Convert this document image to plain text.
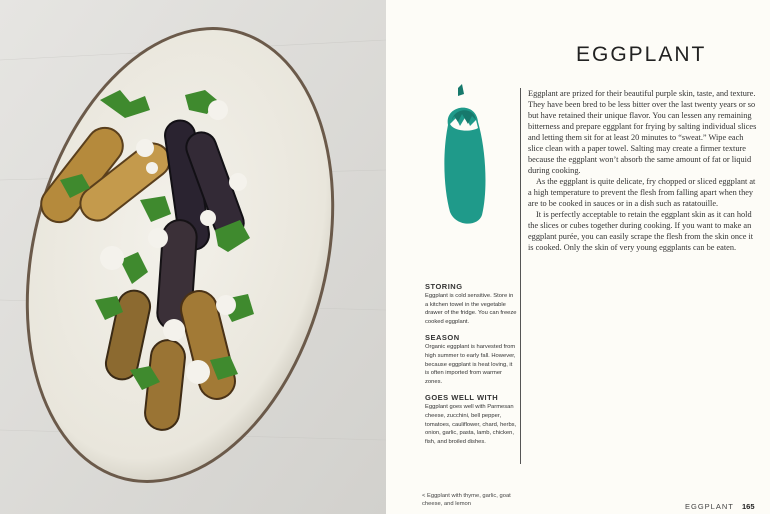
EGGPLANT

Eggplant are prized for their beautiful purple skin, taste, and texture. They have been bred to be less bitter over the last twenty years or so but have retained their unique flavor. You can lessen any remaining bitterness and prepare eggplant for frying by salting individual slices and letting them sit for at least 20 minutes to “sweat.” Wipe each slice clean with a paper towel. Salting may create a firmer texture because the eggplant won’t absorb the same amount of fat or liquid during cooking.

As the eggplant is quite delicate, fry chopped or sliced eggplant at a high temperature to prevent the flesh from falling apart when they are to be cooked in sauces or in a dish such as ratatouille.

It is perfectly acceptable to retain the eggplant skin as it can hold the slices or cubes together during cooking. If you want to make an eggplant purée, you can easily scrape the flesh from the skin once it is cooked. Only the skin of very young eggplants can be eaten.

STORING
Eggplant is cold sensitive. Store in a kitchen towel in the vegetable drawer of the fridge. You can freeze cooked eggplant.
SEASON
Organic eggplant is harvested from high summer to early fall. However, because eggplant is heat loving, it is often imported from warmer zones.
GOES WELL WITH
Eggplant goes well with Parmesan cheese, zucchini, bell pepper, tomatoes, cauliflower, chard, herbs, onion, garlic, pasta, lamb, chicken, fish, and broiled dishes.
< Eggplant with thyme, garlic, goat cheese, and lemon	EGGPLANT 165
